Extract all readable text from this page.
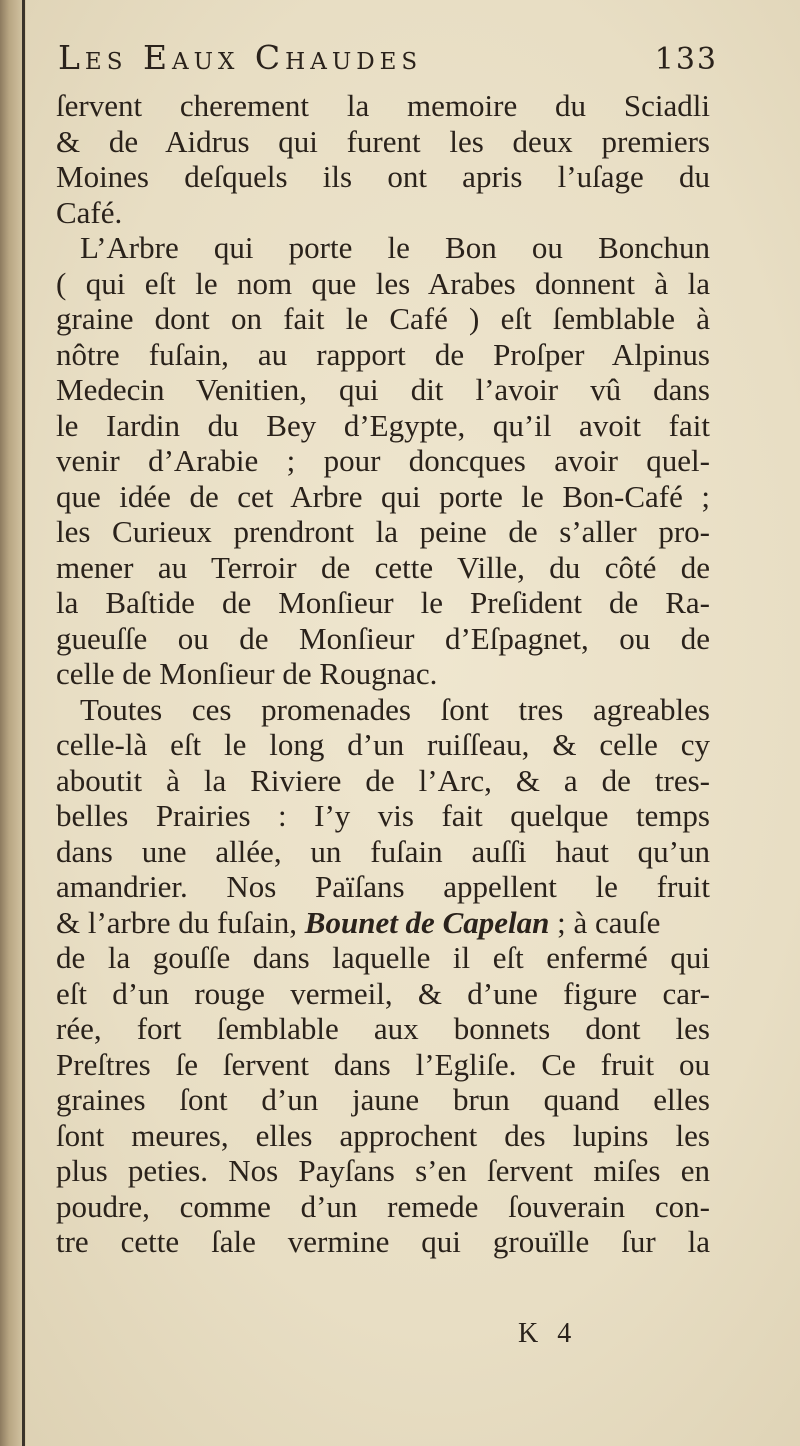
Les Eaux Chaudes	133
ſervent cherement la memoire du Sciadli
& de Aidrus qui furent les deux premiers
Moines deſquels ils ont apris l’uſage du
Café.
L’Arbre qui porte le Bon ou Bonchun
( qui eſt le nom que les Arabes donnent à la
graine dont on fait le Café ) eſt ſemblable à
nôtre fuſain, au rapport de Proſper Alpinus
Medecin Venitien, qui dit l’avoir vû dans
le Iardin du Bey d’Egypte, qu’il avoit fait
venir d’Arabie ; pour doncques avoir quel-
que idée de cet Arbre qui porte le Bon-Café ;
les Curieux prendront la peine de s’aller pro-
mener au Terroir de cette Ville, du côté de
la Baſtide de Monſieur le Preſident de Ra-
gueuſſe ou de Monſieur d’Eſpagnet, ou de
celle de Monſieur de Rougnac.
Toutes ces promenades ſont tres agreables
celle-là eſt le long d’un ruiſſeau, & celle cy
aboutit à la Riviere de l’Arc, & a de tres-
belles Prairies : I’y vis fait quelque temps
dans une allée, un fuſain auſſi haut qu’un
amandrier. Nos Païſans appellent le fruit
& l’arbre du fuſain, Bounet de Capelan ; à cauſe
de la gouſſe dans laquelle il eſt enfermé qui
eſt d’un rouge vermeil, & d’une figure car-
rée, fort ſemblable aux bonnets dont les
Preſtres ſe ſervent dans l’Egliſe. Ce fruit ou
graines ſont d’un jaune brun quand elles
ſont meures, elles approchent des lupins les
plus peties. Nos Payſans s’en ſervent miſes en
poudre, comme d’un remede ſouverain con-
tre cette ſale vermine qui grouïlle ſur la
K 4
